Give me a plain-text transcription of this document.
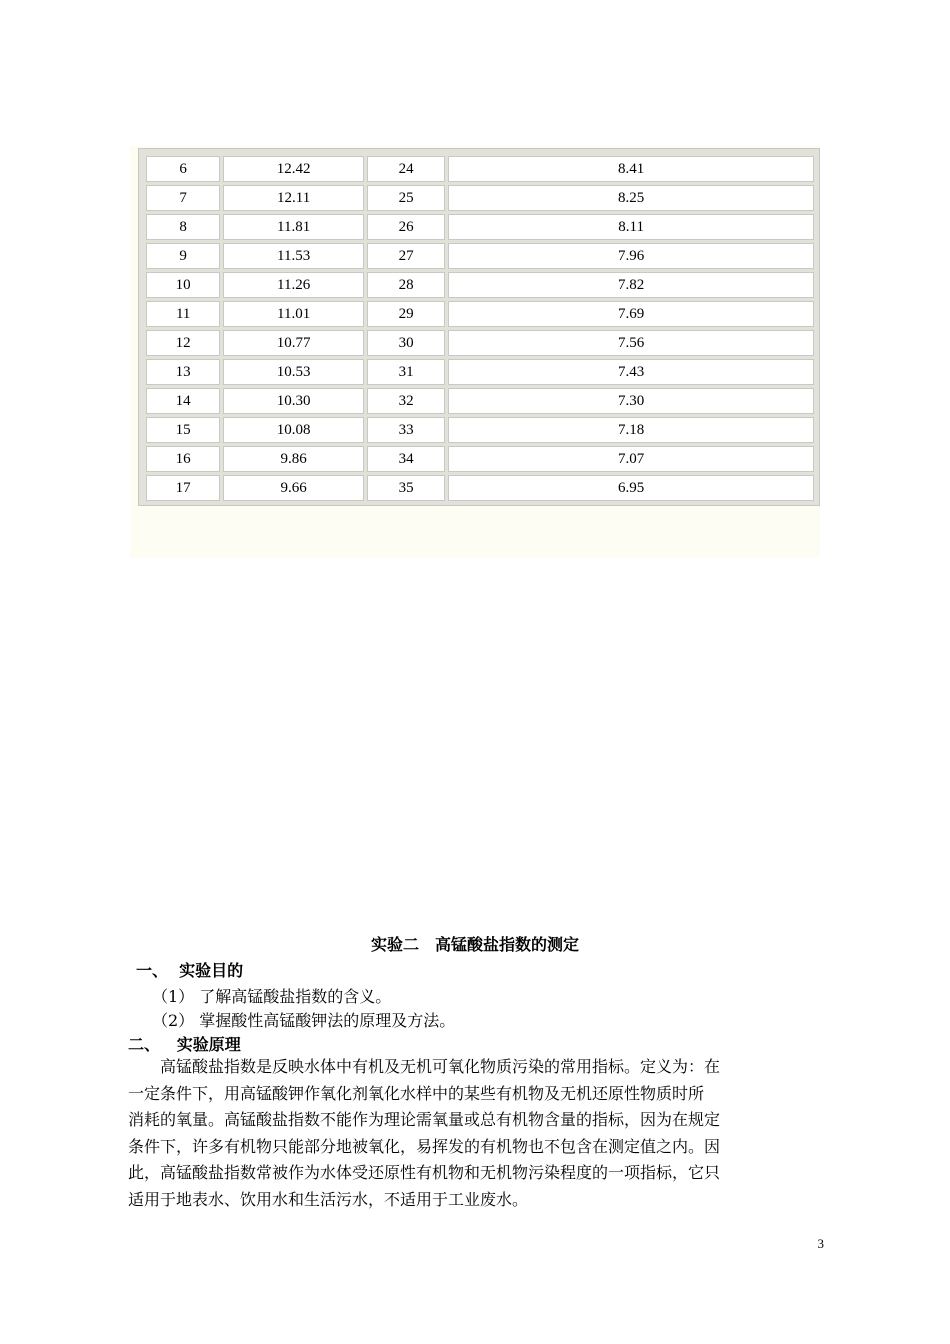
6	12.42	24	8.41
7	12.11	25	8.25
8	11.81	26	8.11
9	11.53	27	7.96
10	11.26	28	7.82
11	11.01	29	7.69
12	10.77	30	7.56
13	10.53	31	7.43
14	10.30	32	7.30
15	10.08	33	7.18
16	9.86	34	7.07
17	9.66	35	6.95
实验二　高锰酸盐指数的测定
一、 实验目的
（1） 了解高锰酸盐指数的含义。
（2） 掌握酸性高锰酸钾法的原理及方法。
二、 实验原理
　　高锰酸盐指数是反映水体中有机及无机可氧化物质污染的常用指标。定义为：在
一定条件下，用高锰酸钾作氧化剂氧化水样中的某些有机物及无机还原性物质时所
消耗的氧量。高锰酸盐指数不能作为理论需氧量或总有机物含量的指标，因为在规定
条件下，许多有机物只能部分地被氧化，易挥发的有机物也不包含在测定值之内。因
此，高锰酸盐指数常被作为水体受还原性有机物和无机物污染程度的一项指标，它只
适用于地表水、饮用水和生活污水，不适用于工业废水。
3
